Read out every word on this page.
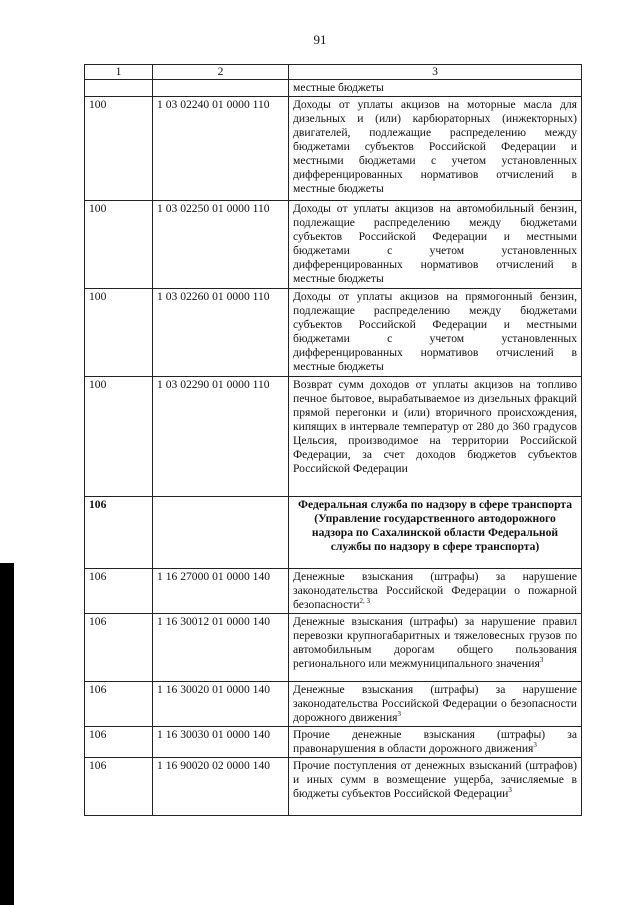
91
1	2	3
		местные бюджеты
100	1 03 02240 01 0000 110	Доходы от уплаты акцизов на моторные масла для дизельных и (или) карбюраторных (инжекторных) двигателей, подлежащие распределению между бюджетами субъектов Российской Федерации и местными бюджетами с учетом установленных дифференцированных нормативов отчислений в местные бюджеты
100	1 03 02250 01 0000 110	Доходы от уплаты акцизов на автомобильный бензин, подлежащие распределению между бюджетами субъектов Российской Федерации и местными бюджетами с учетом установленных дифференцированных нормативов отчислений в местные бюджеты
100	1 03 02260 01 0000 110	Доходы от уплаты акцизов на прямогонный бензин, подлежащие распределению между бюджетами субъектов Российской Федерации и местными бюджетами с учетом установленных дифференцированных нормативов отчислений в местные бюджеты
100	1 03 02290 01 0000 110	Возврат сумм доходов от уплаты акцизов на топливо печное бытовое, вырабатываемое из дизельных фракций прямой перегонки и (или) вторичного происхождения, кипящих в интервале температур от 280 до 360 градусов Цельсия, производимое на территории Российской Федерации, за счет доходов бюджетов субъектов Российской Федерации
106		Федеральная служба по надзору в сфере транспорта (Управление государственного автодорожного надзора по Сахалинской области Федеральной службы по надзору в сфере транспорта)
106	1 16 27000 01 0000 140	Денежные взыскания (штрафы) за нарушение законодательства Российской Федерации о пожарной безопасности$^{2, 3}$
106	1 16 30012 01 0000 140	Денежные взыскания (штрафы) за нарушение правил перевозки крупногабаритных и тяжеловесных грузов по автомобильным дорогам общего пользования регионального или межмуниципального значения$^3$
106	1 16 30020 01 0000 140	Денежные взыскания (штрафы) за нарушение законодательства Российской Федерации о безопасности дорожного движения$^3$
106	1 16 30030 01 0000 140	Прочие денежные взыскания (штрафы) за правонарушения в области дорожного движения$^3$
106	1 16 90020 02 0000 140	Прочие поступления от денежных взысканий (штрафов) и иных сумм в возмещение ущерба, зачисляемые в бюджеты субъектов Российской Федерации$^3$
